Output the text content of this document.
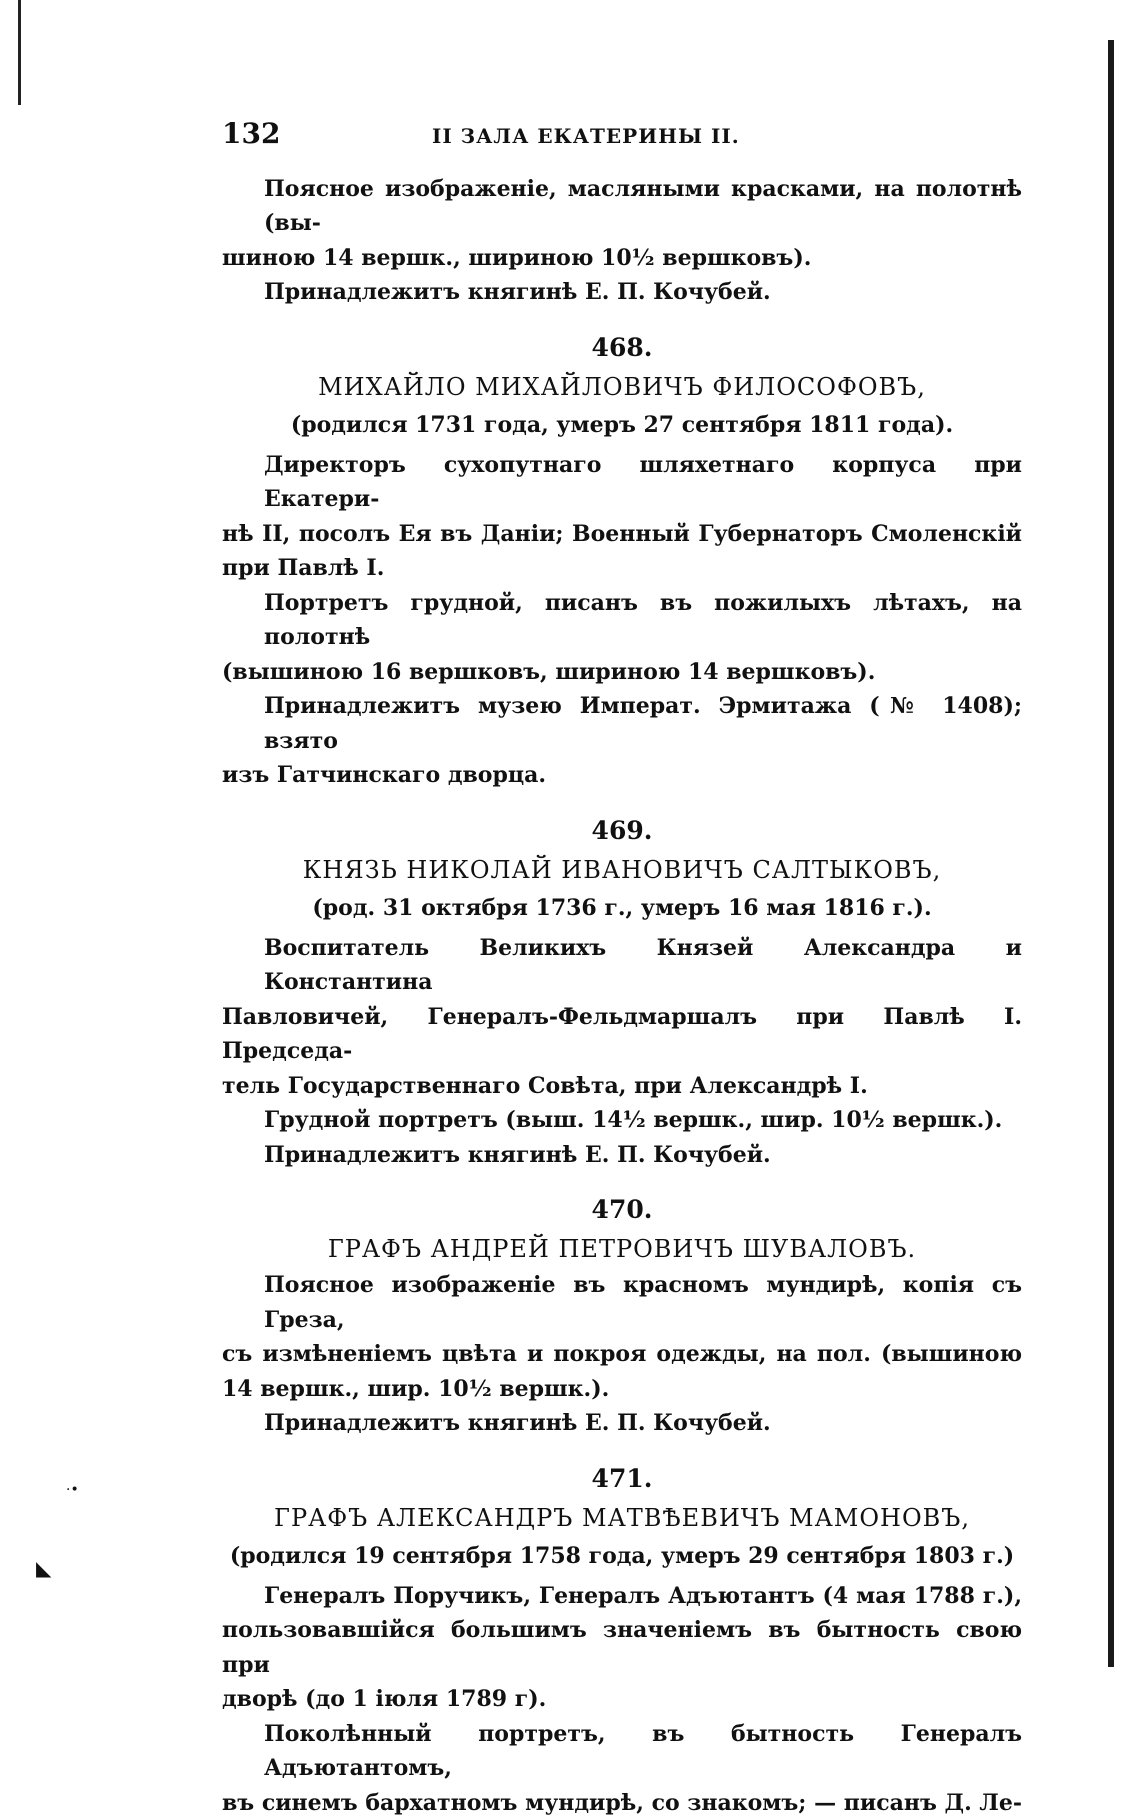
·•
◣
132	II ЗАЛА ЕКАТЕРИНЫ II.
Поясное изображеніе, масляными красками, на полотнѣ (вы-
шиною 14 вершк., шириною 10½ вершковъ).
Принадлежитъ княгинѣ Е. П. Кочубей.
468.
МИХАЙЛО МИХАЙЛОВИЧЪ ФИЛОСОФОВЪ,
(родился 1731 года, умеръ 27 сентября 1811 года).
Директоръ сухопутнаго шляхетнаго корпуса при Екатери-
нѣ II, посолъ Ея въ Даніи; Военный Губернаторъ Смоленскій
при Павлѣ I.
Портретъ грудной, писанъ въ пожилыхъ лѣтахъ, на полотнѣ
(вышиною 16 вершковъ, шириною 14 вершковъ).
Принадлежитъ музею Императ. Эрмитажа (№ 1408); взято
изъ Гатчинскаго дворца.
469.
КНЯЗЬ НИКОЛАЙ ИВАНОВИЧЪ САЛТЫКОВЪ,
(род. 31 октября 1736 г., умеръ 16 мая 1816 г.).
Воспитатель Великихъ Князей Александра и Константина
Павловичей, Генералъ-Фельдмаршалъ при Павлѣ I. Председа-
тель Государственнаго Совѣта, при Александрѣ I.
Грудной портретъ (выш. 14½ вершк., шир. 10½ вершк.).
Принадлежитъ княгинѣ Е. П. Кочубей.
470.
ГРАФЪ АНДРЕЙ ПЕТРОВИЧЪ ШУВАЛОВЪ.
Поясное изображеніе въ красномъ мундирѣ, копія съ Греза,
съ измѣненіемъ цвѣта и покроя одежды, на пол. (вышиною
14 вершк., шир. 10½ вершк.).
Принадлежитъ княгинѣ Е. П. Кочубей.
471.
ГРАФЪ АЛЕКСАНДРЪ МАТВѢЕВИЧЪ МАМОНОВЪ,
(родился 19 сентября 1758 года, умеръ 29 сентября 1803 г.)
Генералъ Поручикъ, Генералъ Адъютантъ (4 мая 1788 г.),
пользовавшійся большимъ значеніемъ въ бытность свою при
дворѣ (до 1 іюля 1789 г).
Поколѣнный портретъ, въ бытность Генералъ Адъютантомъ,
въ синемъ бархатномъ мундирѣ, со знакомъ; — писанъ Д. Ле-
